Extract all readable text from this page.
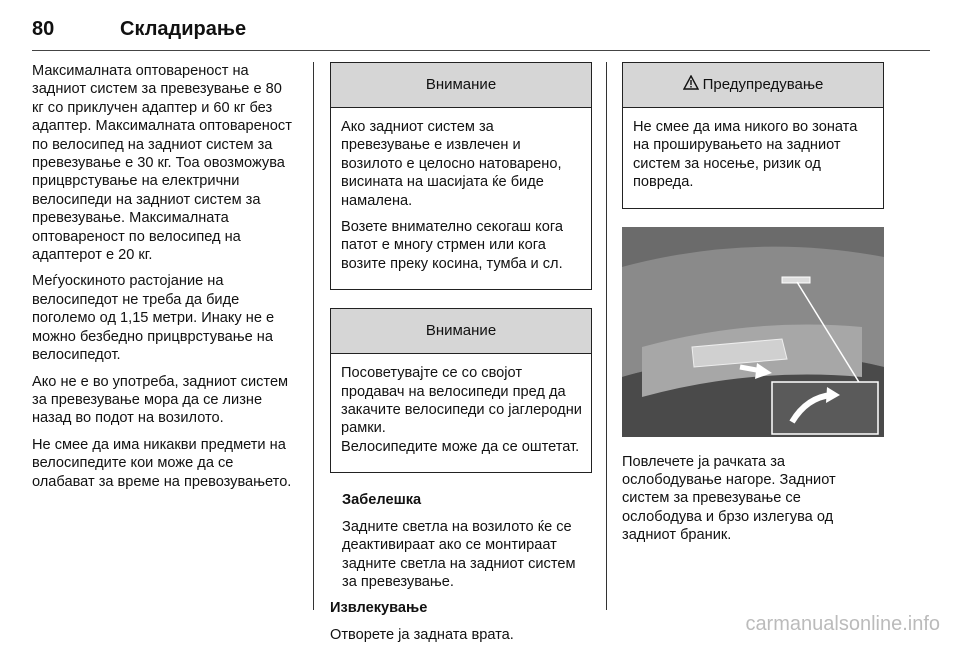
80	Складирање

Максималната оптовареност на задниот систем за превезување е 80 кг со приклучен адаптер и 60 кг без адаптер. Максималната оптовареност по велосипед на задниот систем за превезување е 30 кг. Тоа овозможува прицврстување на електрични велосипеди на задниот систем за превезување. Максималната оптовареност по велосипед на адаптерот е 20 кг.

Меѓуоскиното растојание на велосипедот не треба да биде поголемо од 1,15 метри. Инаку не е можно безбедно прицврстување на велосипедот.

Ако не е во употреба, задниот систем за превезување мора да се лизне назад во подот на возилото.

Не смее да има никакви предмети на велосипедите кои може да се олабават за време на превозувањето.

Внимание

Ако задниот систем за превезување е извлечен и возилото е целосно натоварено, висината на шасијата ќе биде намалена.

Возете внимателно секогаш кога патот е многу стрмен или кога возите преку косина, тумба и сл.

Внимание

Посоветувајте се со својот продавач на велосипеди пред да закачите велосипеди со јаглеродни рамки.

Велосипедите може да се оштетат.

Забелешка

Задните светла на возилото ќе се деактивираат ако се монтираат задните светла на задниот систем за превезување.

Извлекување

Отворете ја задната врата.

Предупредување

Не смее да има никого во зоната на проширувањето на задниот систем за носење, ризик од повреда.

Повлечете ја рачката за ослободување нагоре. Задниот систем за превезување се ослободува и брзо излегува од задниот браник.

carmanualsonline.info
